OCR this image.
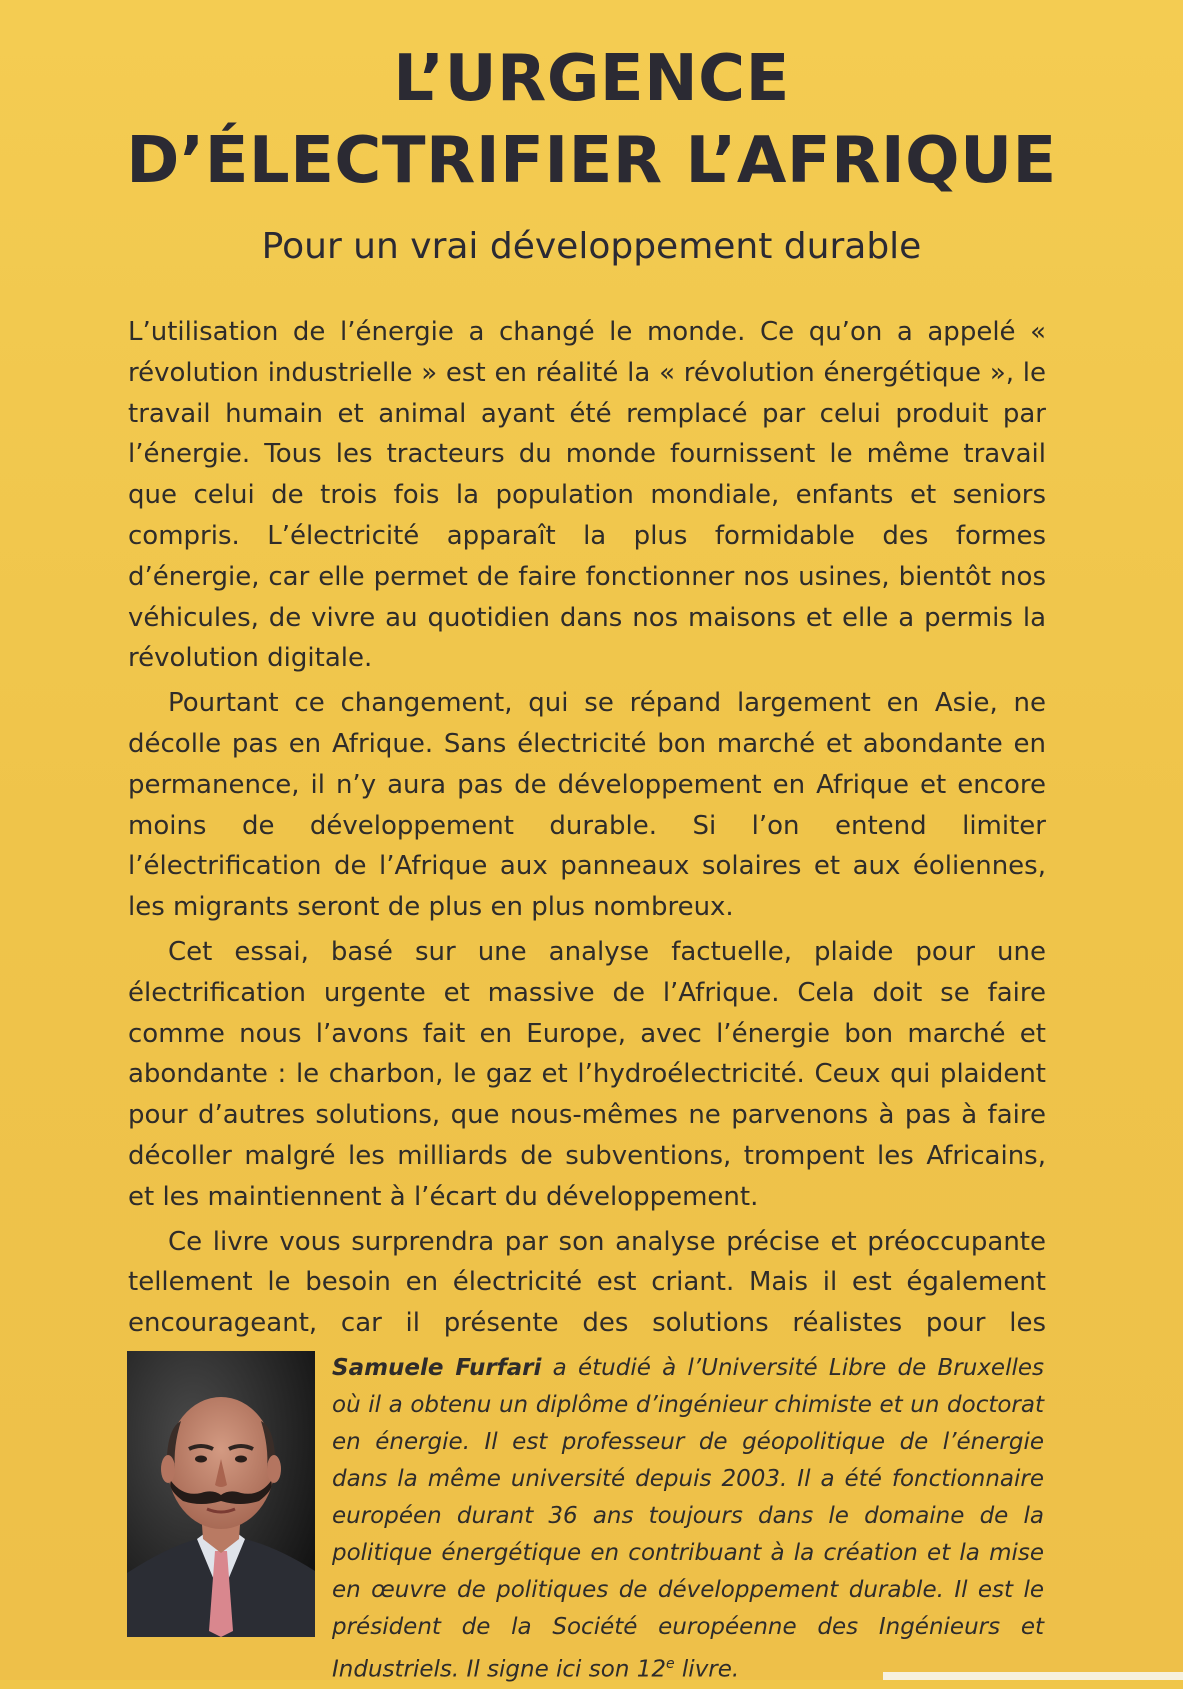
L’URGENCE
D’ÉLECTRIFIER L’AFRIQUE
Pour un vrai développement durable

L’utilisation de l’énergie a changé le monde. Ce qu’on a appelé « révolution industrielle » est en réalité la « révolution énergétique », le travail humain et animal ayant été remplacé par celui produit par l’énergie. Tous les tracteurs du monde fournissent le même travail que celui de trois fois la population mondiale, enfants et seniors compris. L’électricité apparaît la plus formidable des formes d’énergie, car elle permet de faire fonctionner nos usines, bientôt nos véhicules, de vivre au quotidien dans nos maisons et elle a permis la révolution digitale.

Pourtant ce changement, qui se répand largement en Asie, ne décolle pas en Afrique. Sans électricité bon marché et abondante en permanence, il n’y aura pas de développement en Afrique et encore moins de développement durable. Si l’on entend limiter l’électrification de l’Afrique aux panneaux solaires et aux éoliennes, les migrants seront de plus en plus nombreux.

Cet essai, basé sur une analyse factuelle, plaide pour une électrification urgente et massive de l’Afrique. Cela doit se faire comme nous l’avons fait en Europe, avec l’énergie bon marché et abondante : le charbon, le gaz et l’hydroélectricité. Ceux qui plaident pour d’autres solutions, que nous-mêmes ne parvenons à pas à faire décoller malgré les milliards de subventions, trompent les Africains, et les maintiennent à l’écart du développement.

Ce livre vous surprendra par son analyse précise et préoccupante tellement le besoin en électricité est criant. Mais il est également encourageant, car il présente des solutions réalistes pour les

Samuele Furfari a étudié à l’Université Libre de Bruxelles où il a obtenu un diplôme d’ingénieur chimiste et un doctorat en énergie. Il est professeur de géopolitique de l’énergie dans la même université depuis 2003. Il a été fonctionnaire européen durant 36 ans toujours dans le domaine de la politique énergétique en contribuant à la création et la mise en œuvre de politiques de développement durable. Il est le président de la Société européenne des Ingénieurs et Industriels. Il signe ici son 12e livre.
